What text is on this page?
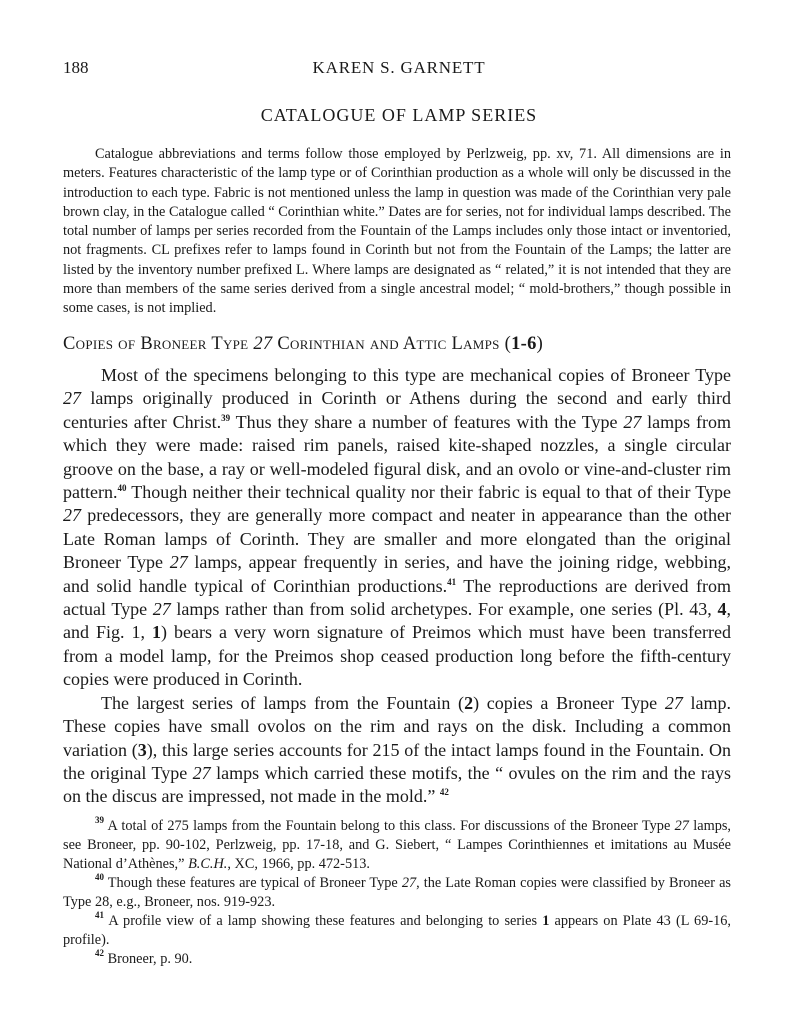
188	KAREN S. GARNETT
CATALOGUE OF LAMP SERIES

Catalogue abbreviations and terms follow those employed by Perlzweig, pp. xv, 71. All dimensions are in meters. Features characteristic of the lamp type or of Corinthian production as a whole will only be discussed in the introduction to each type. Fabric is not mentioned unless the lamp in question was made of the Corinthian very pale brown clay, in the Catalogue called “ Corinthian white.” Dates are for series, not for individual lamps described. The total number of lamps per series recorded from the Fountain of the Lamps includes only those intact or inventoried, not fragments. CL prefixes refer to lamps found in Corinth but not from the Fountain of the Lamps; the latter are listed by the inventory number prefixed L. Where lamps are designated as “ related,” it is not intended that they are more than members of the same series derived from a single ancestral model; “ mold-brothers,” though possible in some cases, is not implied.

Copies of Broneer Type 27 Corinthian and Attic Lamps (1-6)

Most of the specimens belonging to this type are mechanical copies of Broneer Type 27 lamps originally produced in Corinth or Athens during the second and early third centuries after Christ.$^{39}$ Thus they share a number of features with the Type 27 lamps from which they were made: raised rim panels, raised kite-shaped nozzles, a single circular groove on the base, a ray or well-modeled figural disk, and an ovolo or vine-and-cluster rim pattern.$^{40}$ Though neither their technical quality nor their fabric is equal to that of their Type 27 predecessors, they are generally more compact and neater in appearance than the other Late Roman lamps of Corinth. They are smaller and more elongated than the original Broneer Type 27 lamps, appear frequently in series, and have the joining ridge, webbing, and solid handle typical of Corinthian productions.$^{41}$ The reproductions are derived from actual Type 27 lamps rather than from solid archetypes. For example, one series (Pl. 43, 4, and Fig. 1, 1) bears a very worn signature of Preimos which must have been transferred from a model lamp, for the Preimos shop ceased production long before the fifth-century copies were produced in Corinth.

The largest series of lamps from the Fountain (2) copies a Broneer Type 27 lamp. These copies have small ovolos on the rim and rays on the disk. Including a common variation (3), this large series accounts for 215 of the intact lamps found in the Fountain. On the original Type 27 lamps which carried these motifs, the “ ovules on the rim and the rays on the discus are impressed, not made in the mold.” $^{42}$

$^{39}$ A total of 275 lamps from the Fountain belong to this class. For discussions of the Broneer Type 27 lamps, see Broneer, pp. 90-102, Perlzweig, pp. 17-18, and G. Siebert, “ Lampes Corinthiennes et imitations au Musée National d’Athènes,” B.C.H., XC, 1966, pp. 472-513.

$^{40}$ Though these features are typical of Broneer Type 27, the Late Roman copies were classified by Broneer as Type 28, e.g., Broneer, nos. 919-923.

$^{41}$ A profile view of a lamp showing these features and belonging to series 1 appears on Plate 43 (L 69-16, profile).

$^{42}$ Broneer, p. 90.
